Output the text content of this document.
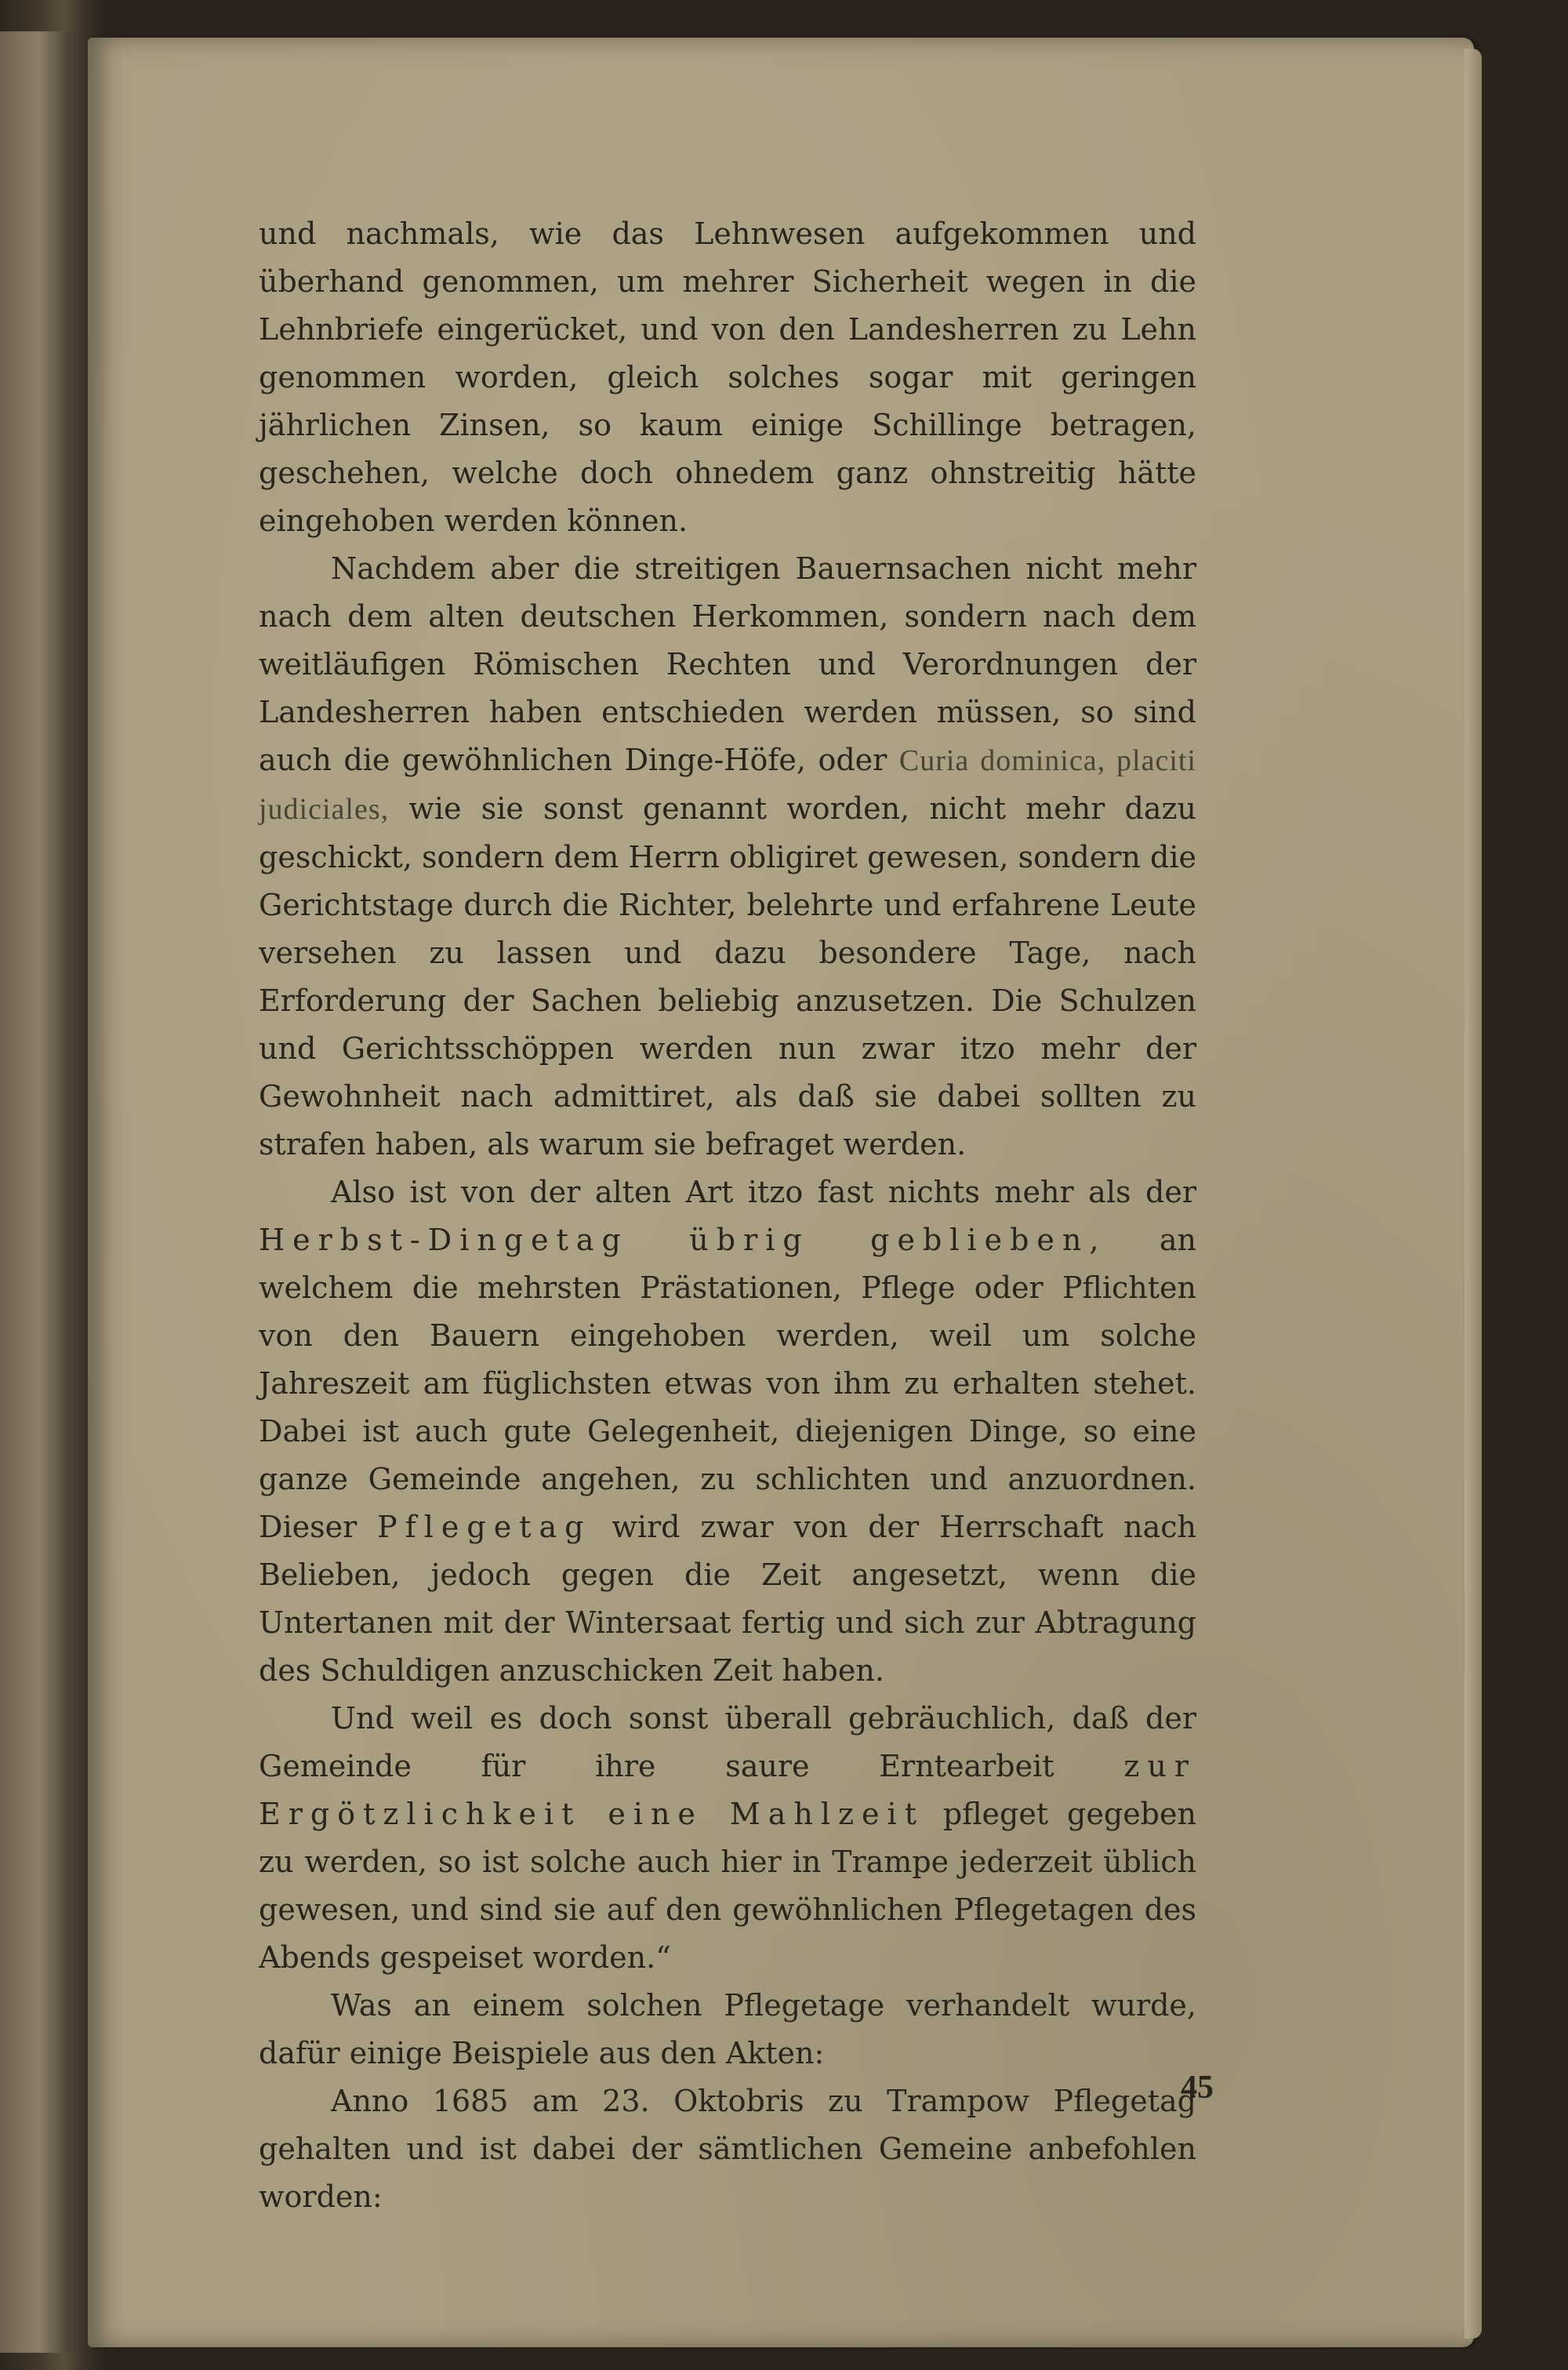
und nachmals, wie das Lehnwesen aufgekommen und überhand genommen, um mehrer Sicherheit wegen in die Lehnbriefe eingerücket, und von den Landesherren zu Lehn genommen worden, gleich solches sogar mit geringen jährlichen Zinsen, so kaum einige Schillinge betragen, geschehen, welche doch ohnedem ganz ohnstreitig hätte eingehoben werden können.

Nachdem aber die streitigen Bauernsachen nicht mehr nach dem alten deutschen Herkommen, sondern nach dem weitläufigen Römischen Rechten und Verordnungen der Landesherren haben entschieden werden müssen, so sind auch die gewöhnlichen Dinge-Höfe, oder Curia dominica, placiti judiciales, wie sie sonst genannt worden, nicht mehr dazu geschickt, sondern dem Herrn obligiret gewesen, sondern die Gerichtstage durch die Richter, belehrte und erfahrene Leute versehen zu lassen und dazu besondere Tage, nach Erforderung der Sachen beliebig anzusetzen. Die Schulzen und Gerichtsschöppen werden nun zwar itzo mehr der Gewohnheit nach admittiret, als daß sie dabei sollten zu strafen haben, als warum sie befraget werden.

Also ist von der alten Art itzo fast nichts mehr als der Herbst-Dingetag übrig geblieben, an welchem die mehrsten Prästationen, Pflege oder Pflichten von den Bauern eingehoben werden, weil um solche Jahreszeit am füglichsten etwas von ihm zu erhalten stehet. Dabei ist auch gute Gelegenheit, diejenigen Dinge, so eine ganze Gemeinde angehen, zu schlichten und anzuordnen. Dieser Pflegetag wird zwar von der Herrschaft nach Belieben, jedoch gegen die Zeit angesetzt, wenn die Untertanen mit der Wintersaat fertig und sich zur Abtragung des Schuldigen anzuschicken Zeit haben.

Und weil es doch sonst überall gebräuchlich, daß der Gemeinde für ihre saure Erntearbeit zur Ergötzlichkeit eine Mahlzeit pfleget gegeben zu werden, so ist solche auch hier in Trampe jederzeit üblich gewesen, und sind sie auf den gewöhnlichen Pflegetagen des Abends gespeiset worden.“

Was an einem solchen Pflegetage verhandelt wurde, dafür einige Beispiele aus den Akten:

Anno 1685 am 23. Oktobris zu Trampow Pflegetag gehalten und ist dabei der sämtlichen Gemeine anbefohlen worden:

45
